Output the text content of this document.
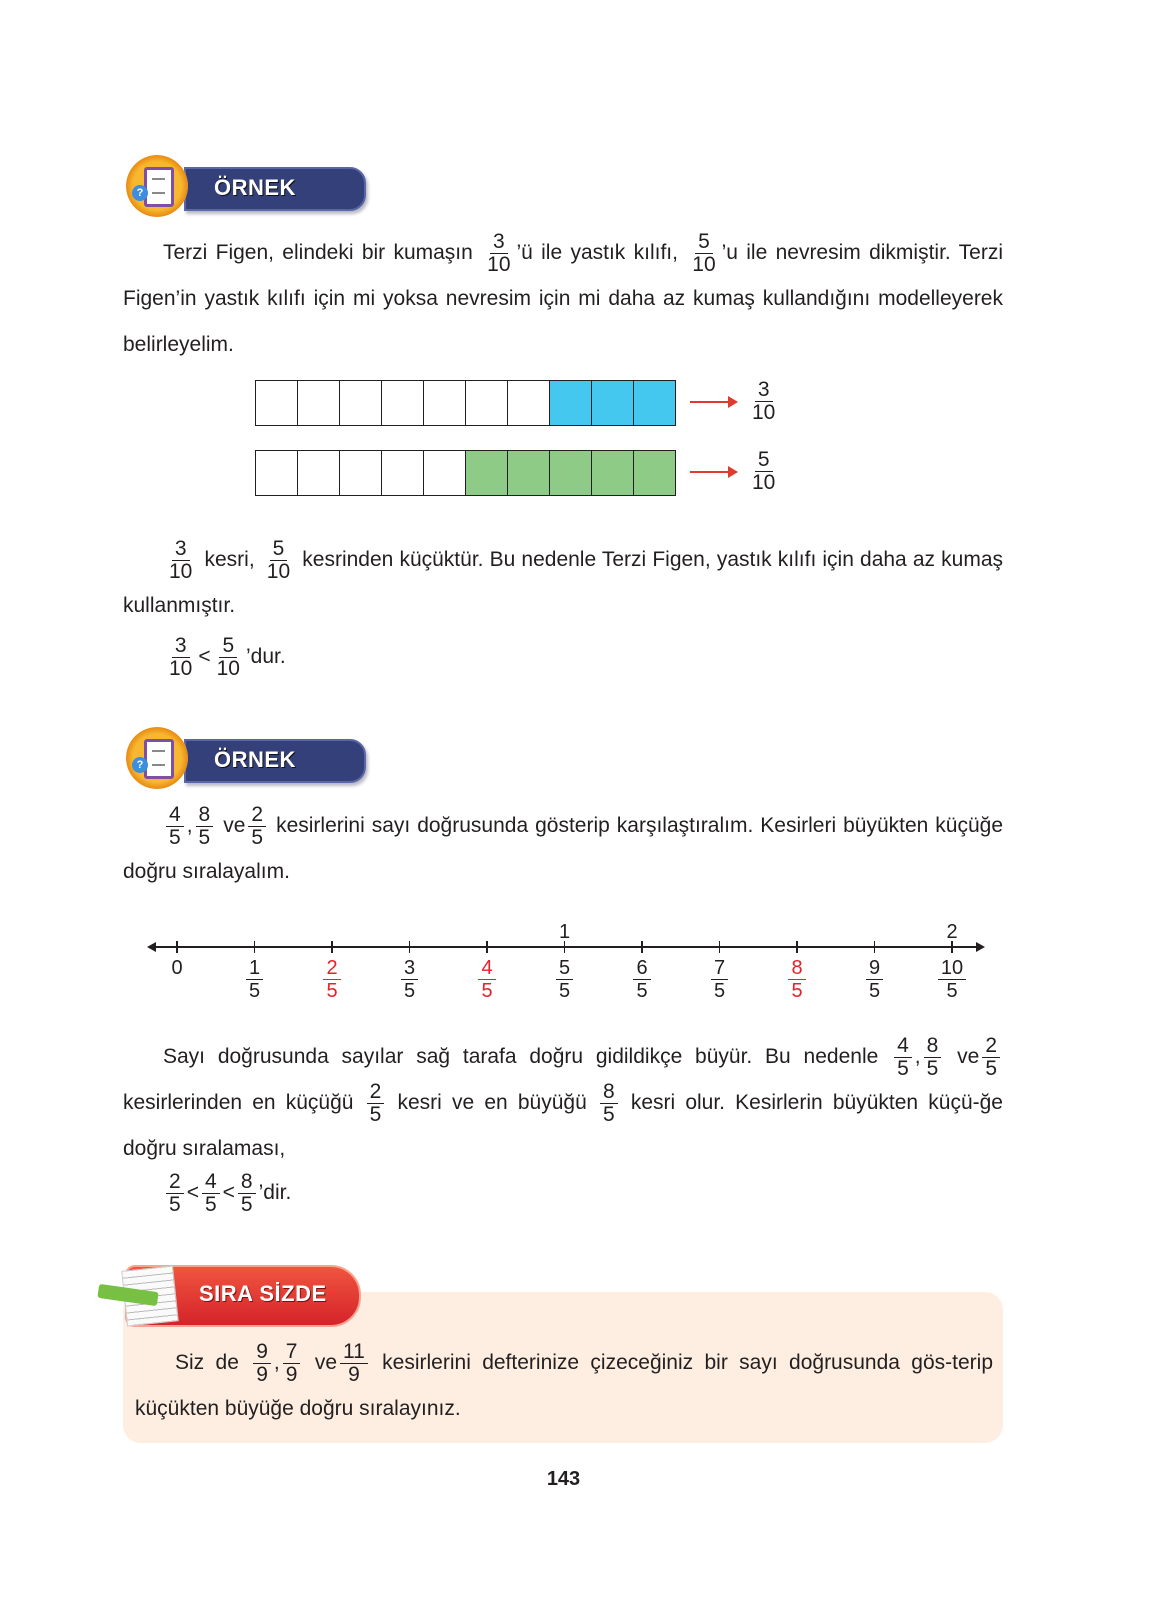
ÖRNEK
?
Terzi Figen, elindeki bir kumaşın $\frac{3}{10}$ ’ü ile yastık kılıfı, $\frac{5}{10}$ ’u ile nevresim dikmiştir. Terzi Figen’in yastık kılıfı için mi yoksa nevresim için mi daha az kumaş kullandığını modelleyerek belirleyelim.
$\frac{3}{10}$
$\frac{5}{10}$
$\frac{3}{10}$ kesri, $\frac{5}{10}$ kesrinden küçüktür. Bu nedenle Terzi Figen, yastık kılıfı için daha az kumaş kullanmıştır.
$\frac{3}{10} < \frac{5}{10}$ ’dur.
ÖRNEK
?
$\frac{4}{5}$ , $\frac{8}{5}$ ve $\frac{2}{5}$ kesirlerini sayı doğrusunda gösterip karşılaştıralım. Kesirleri büyükten küçüğe doğru sıralayalım.
0	$\frac{1}{5}$	$\frac{2}{5}$	$\frac{3}{5}$	$\frac{4}{5}$	$\frac{5}{5}$
1
$\frac{6}{5}$	$\frac{7}{5}$	$\frac{8}{5}$	$\frac{9}{5}$	$\frac{10}{5}$
2
Sayı doğrusunda sayılar sağ tarafa doğru gidildikçe büyür. Bu nedenle $\frac{4}{5}$ , $\frac{8}{5}$ ve $\frac{2}{5}$
kesirlerinden en küçüğü $\frac{2}{5}$ kesri ve en büyüğü $\frac{8}{5}$ kesri olur. Kesirlerin büyükten küçü-ğe doğru sıralaması,
$\frac{2}{5} < \frac{4}{5} < \frac{8}{5}$ ’dir.
SIRA SİZDE
Siz de $\frac{9}{9}$ , $\frac{7}{9}$ ve $\frac{11}{9}$ kesirlerini defterinize çizeceğiniz bir sayı doğrusunda gös-terip küçükten büyüğe doğru sıralayınız.
143
